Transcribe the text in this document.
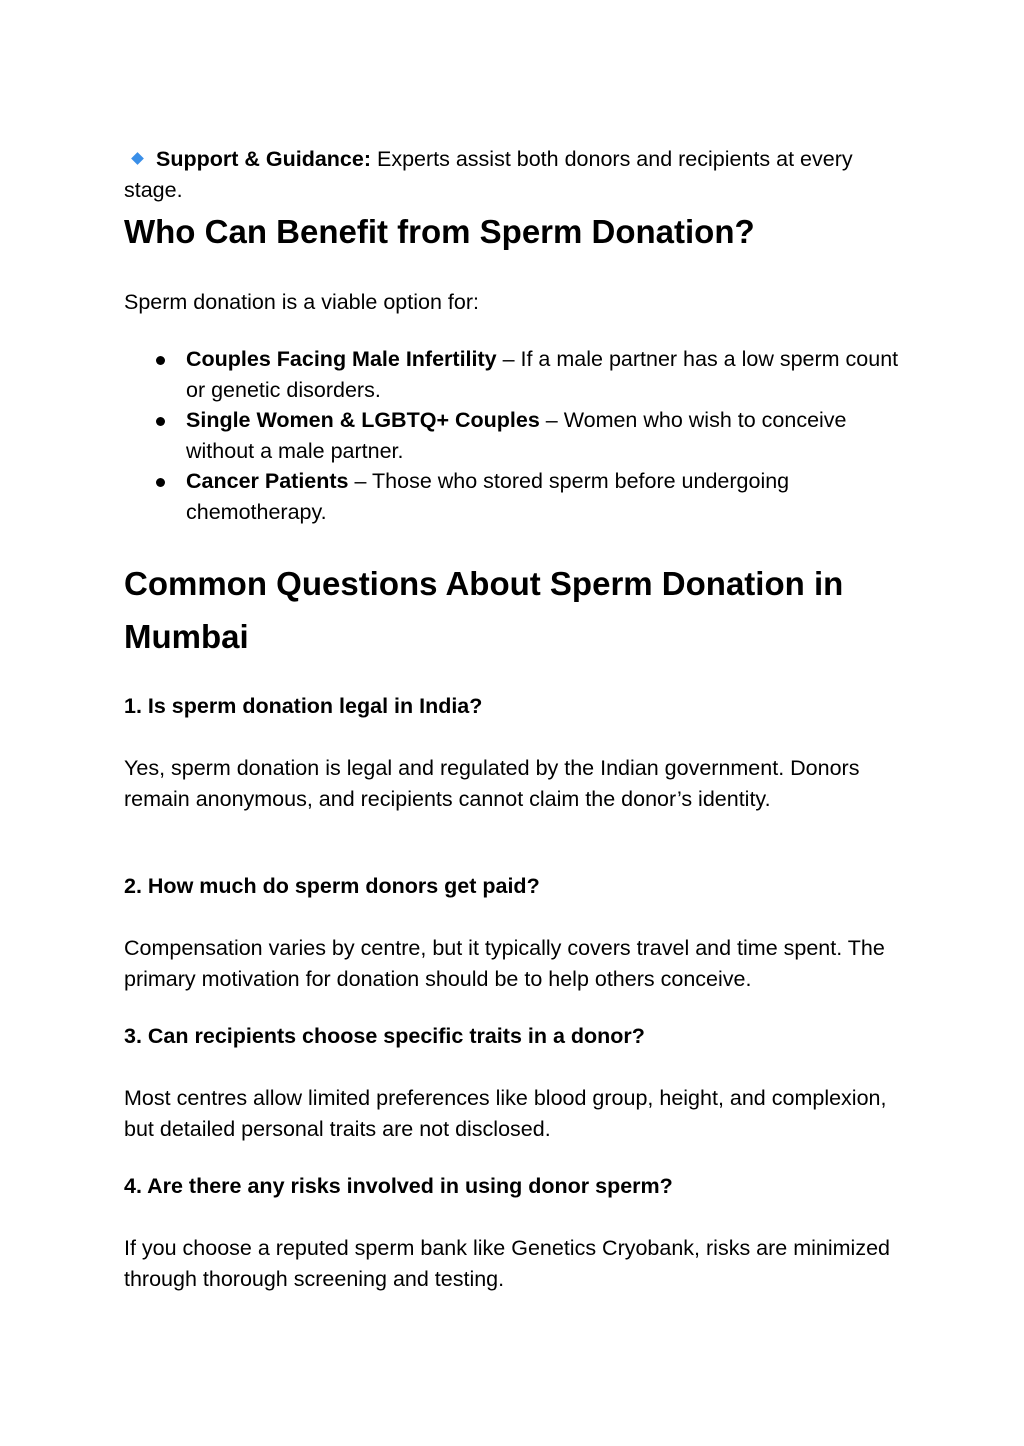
Support & Guidance: Experts assist both donors and recipients at every stage.

Who Can Benefit from Sperm Donation?

Sperm donation is a viable option for:

Couples Facing Male Infertility – If a male partner has a low sperm count or genetic disorders.
Single Women & LGBTQ+ Couples – Women who wish to conceive without a male partner.
Cancer Patients – Those who stored sperm before undergoing chemotherapy.
Common Questions About Sperm Donation in Mumbai
1. Is sperm donation legal in India?

Yes, sperm donation is legal and regulated by the Indian government. Donors remain anonymous, and recipients cannot claim the donor’s identity.

2. How much do sperm donors get paid?

Compensation varies by centre, but it typically covers travel and time spent. The primary motivation for donation should be to help others conceive.

3. Can recipients choose specific traits in a donor?

Most centres allow limited preferences like blood group, height, and complexion, but detailed personal traits are not disclosed.

4. Are there any risks involved in using donor sperm?

If you choose a reputed sperm bank like Genetics Cryobank, risks are minimized through thorough screening and testing.
